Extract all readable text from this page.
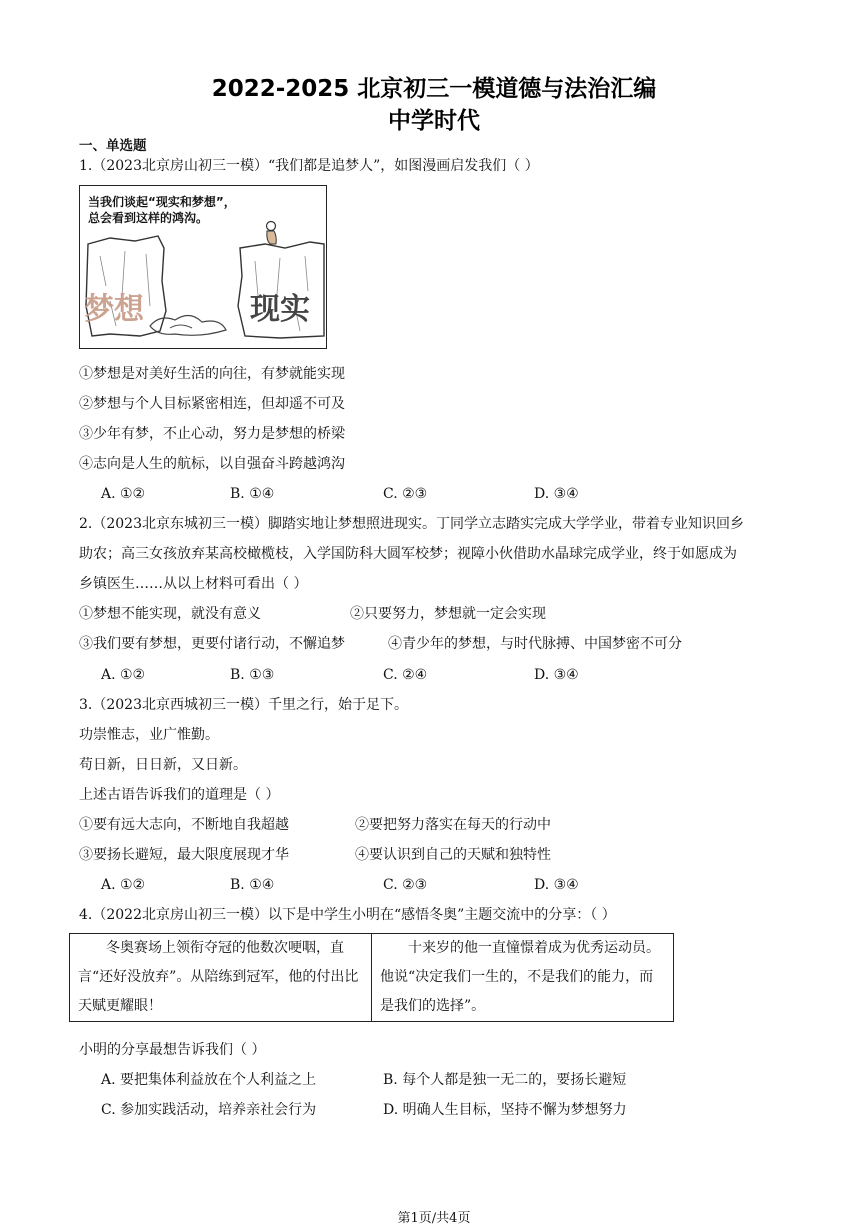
2022-2025 北京初三一模道德与法治汇编
中学时代
一、单选题
1.（2023北京房山初三一模）“我们都是追梦人”，如图漫画启发我们（ ）
当我们谈起“现实和梦想”，
总会看到这样的鸿沟。
梦想	现实
①梦想是对美好生活的向往，有梦就能实现
②梦想与个人目标紧密相连，但却遥不可及
③少年有梦，不止心动，努力是梦想的桥梁
④志向是人生的航标，以自强奋斗跨越鸿沟
A. ①②	B. ①④	C. ②③	D. ③④
2.（2023北京东城初三一模）脚踏实地让梦想照进现实。丁同学立志踏实完成大学学业，带着专业知识回乡
助农；高三女孩放弃某高校橄榄枝，入学国防科大圆军校梦；视障小伙借助水晶球完成学业，终于如愿成为
乡镇医生……从以上材料可看出（ ）
①梦想不能实现，就没有意义	②只要努力，梦想就一定会实现
③我们要有梦想，更要付诸行动，不懈追梦	④青少年的梦想，与时代脉搏、中国梦密不可分
A. ①②	B. ①③	C. ②④	D. ③④
3.（2023北京西城初三一模）千里之行，始于足下。
功崇惟志，业广惟勤。
苟日新，日日新，又日新。
上述古语告诉我们的道理是（ ）
①要有远大志向，不断地自我超越	②要把努力落实在每天的行动中
③要扬长避短，最大限度展现才华	④要认识到自己的天赋和独特性
A. ①②	B. ①④	C. ②③	D. ③④
4.（2022北京房山初三一模）以下是中学生小明在“感悟冬奥”主题交流中的分享：（ ）
冬奥赛场上领衔夺冠的他数次哽咽，直言“还好没放弃”。从陪练到冠军，他的付出比天赋更耀眼！

十来岁的他一直憧憬着成为优秀运动员。他说“决定我们一生的，不是我们的能力，而是我们的选择”。
小明的分享最想告诉我们（ ）
A. 要把集体利益放在个人利益之上	B. 每个人都是独一无二的，要扬长避短
C. 参加实践活动，培养亲社会行为	D. 明确人生目标，坚持不懈为梦想努力
第1页/共4页
